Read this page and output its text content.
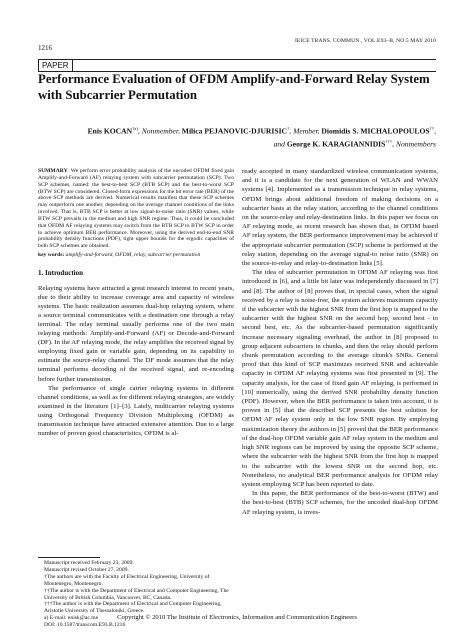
1216
IEICE TRANS. COMMUN., VOL.E93–B, NO.5 MAY 2010
PAPER
Performance Evaluation of OFDM Amplify-and-Forward Relay System with Subcarrier Permutation
Enis KOCAN$^{\dagger a)}$, Nonmember, Milica PEJANOVIC-DJURISIC†, Member, Diomidis S. MICHALOPOULOS††,
and George K. KARAGIANNIDIS†††, Nonmembers
SUMMARY We perform error probability analysis of the uncoded OFDM fixed gain Amplify-and-Forward (AF) relaying system with subcarrier permutation (SCP). Two SCP schemes, named: the best-to-best SCP (BTB SCP) and the best-to-worst SCP (BTW SCP) are considered. Closed-form expressions for the bit error rate (BER) of the above SCP methods are derived. Numerical results manifest that these SCP schemes may outperform one another, depending on the average channel conditions of the links involved. That is, BTB SCP is better at low signal-to-noise ratio (SNR) values, while BTW SCP prevails in the medium and high SNR regime. Thus, it could be concluded that OFDM AF relaying systems may switch from the BTB SCP to BTW SCP in order to achieve optimum BER performance. Moreover, using the derived end-to-end SNR probability density functions (PDF), tight upper bounds for the ergodic capacities of both SCP schemes are obtained.
key words: amplify-and-forward, OFDM, relay, subcarrier permutation
1. Introduction

Relaying systems have attracted a great research interest in recent years, due to their ability to increase coverage area and capacity of wireless systems. The basic realization assumes dual-hop relaying system, where a source terminal communicates with a destination one through a relay terminal. The relay terminal usually performs one of the two main relaying methods: Amplify-and-Forward (AF) or Decode-and-Forward (DF). In the AF relaying mode, the relay amplifies the received signal by employing fixed gain or variable gain, depending on its capability to estimate the source-relay channel. The DF mode assumes that the relay terminal performs decoding of the received signal, and re-encoding before further transmission.

The performance of single carrier relaying systems in different channel conditions, as well as for different relaying strategies, are widely examined in the literature [1]–[3]. Lately, multicarrier relaying systems using Orthogonal Frequency Division Multiplexing (OFDM) as transmission technique have attracted extensive attention. Due to a large number of proven good characteristics, OFDM is al-

Manuscript received February 23, 2009.
Manuscript revised October 27, 2009.
†The authors are with the Faculty of Electrical Engineering, University of Montenegro, Montenegro.
††The author is with the Department of Electrical and Computer Engineering, The University of British Columbia, Vancouver, BC, Canada.
†††The author is with the Department of Electrical and Computer Engineering, Aristotle University of Thessaloniki, Greece.
a) E-mail: enisk@ac.me
DOI: 10.1587/transcom.E93.B.1216

ready accepted in many standardized wireless communication systems, and it is a candidate for the next generation of WLAN and WWAN systems [4]. Implemented as a transmission technique in relay systems, OFDM brings about additional freedom of making decisions on a subcarrier basis at the relay station, according to the channel conditions on the source-relay and relay-destination links. In this paper we focus on AF relaying mode, as recent research has shown that, in OFDM based AF relay system, the BER performance improvement may be achieved if the appropriate subcarrier permutation (SCP) scheme is performed at the relay station, depending on the average signal-to noise ratio (SNR) on the source-to-relay and relay-to-destination links [5].

The idea of subcarrier permutation in OFDM AF relaying was first introduced in [6], and a little bit later was independently discussed in [7] and [8]. The author of [8] proves that, in special cases, when the signal received by a relay is noise-free, the system achieves maximum capacity if the subcarrier with the highest SNR from the first hop is mapped to the subcarrier with the highest SNR on the second hop, second best - to second best, etc. As the subcarrier-based permutation significantly increase necessary signaling overhead, the author in [8] proposed to group adjacent subcarriers in chunks, and then the relay should perform chunk permutation according to the average chunk's SNRs. General proof that this kind of SCP maximizes received SNR and achievable capacity in OFDM AF relaying systems was first presented in [9]. The capacity analysis, for the case of fixed gain AF relaying, is performed in [10] numerically, using the derived SNR probability density function (PDF). However, when the BER performance is taken into account, it is proven in [5] that the described SCP presents the best solution for OFDM AF relay system only in the low SNR region. By employing maximization theory the authors in [5] proved that the BER performance of the dual-hop OFDM variable gain AF relay system in the medium and high SNR regions can be improved by using the opposite SCP scheme, where the subcarrier with the highest SNR from the first hop is mapped to the subcarrier with the lowest SNR on the second hop, etc. Nonetheless, no analytical BER performance analysis for OFDM relay system employing SCP has been reported to date.

In this paper, the BER performance of the best-to-worst (BTW) and the best-to-best (BTB) SCP schemes, for the uncoded dual-hop OFDM AF relaying system, is inves-

Copyright © 2010 The Institute of Electronics, Information and Communication Engineers
